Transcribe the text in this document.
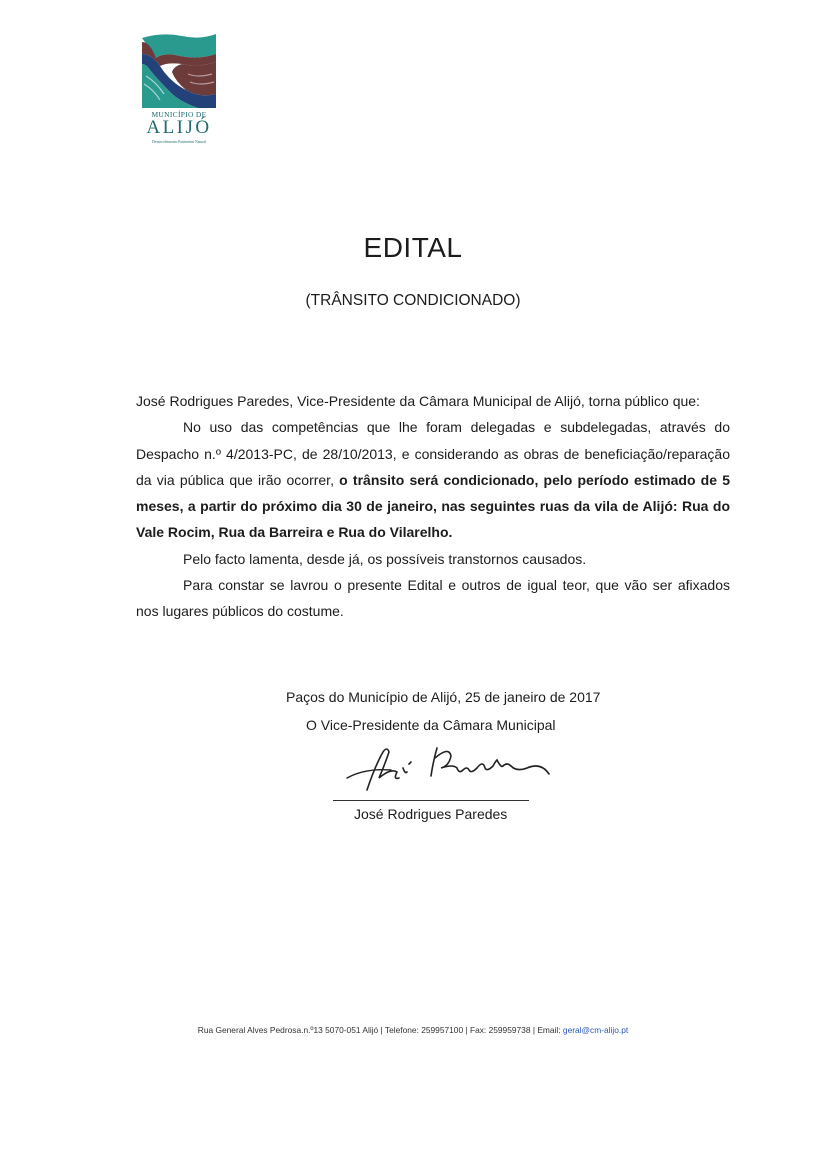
MUNICÍPIO DE
ALIJÓ
Desenvolvimento Património Natural
EDITAL
(TRÂNSITO CONDICIONADO)

José Rodrigues Paredes, Vice-Presidente da Câmara Municipal de Alijó, torna público que:

No uso das competências que lhe foram delegadas e subdelegadas, através do Despacho n.º 4/2013-PC, de 28/10/2013, e considerando as obras de beneficiação/reparação da via pública que irão ocorrer, o trânsito será condicionado, pelo período estimado de 5 meses, a partir do próximo dia 30 de janeiro, nas seguintes ruas da vila de Alijó: Rua do Vale Rocim, Rua da Barreira e Rua do Vilarelho.

Pelo facto lamenta, desde já, os possíveis transtornos causados.

Para constar se lavrou o presente Edital e outros de igual teor, que vão ser afixados nos lugares públicos do costume.

Paços do Município de Alijó, 25 de janeiro de 2017
O Vice-Presidente da Câmara Municipal
José Rodrigues Paredes
Rua General Alves Pedrosa.n.º13 5070-051 Alijó | Telefone: 259957100 | Fax: 259959738 | Email: geral@cm-alijo.pt
